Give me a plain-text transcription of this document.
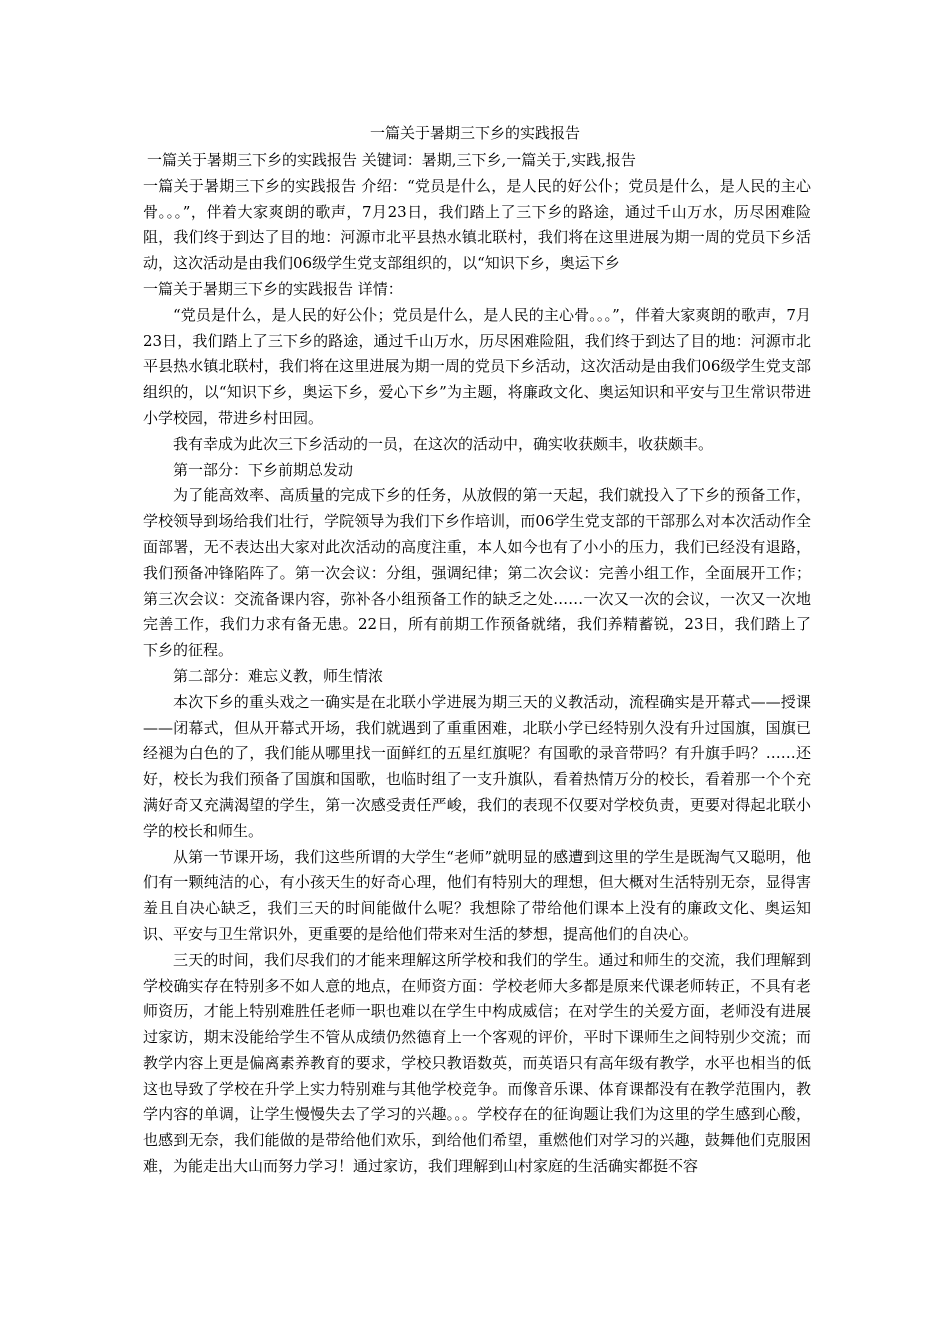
一篇关于暑期三下乡的实践报告

一篇关于暑期三下乡的实践报告 关键词：暑期,三下乡,一篇关于,实践,报告

一篇关于暑期三下乡的实践报告 介绍：“党员是什么，是人民的好公仆；党员是什么，是人民的主心骨。。。”，伴着大家爽朗的歌声，7月23日，我们踏上了三下乡的路途，通过千山万水，历尽困难险阻，我们终于到达了目的地：河源市北平县热水镇北联村，我们将在这里进展为期一周的党员下乡活动，这次活动是由我们06级学生党支部组织的，以“知识下乡，奥运下乡

一篇关于暑期三下乡的实践报告 详情：

“党员是什么，是人民的好公仆；党员是什么，是人民的主心骨。。。”，伴着大家爽朗的歌声，7月23日，我们踏上了三下乡的路途，通过千山万水，历尽困难险阻，我们终于到达了目的地：河源市北平县热水镇北联村，我们将在这里进展为期一周的党员下乡活动，这次活动是由我们06级学生党支部组织的，以“知识下乡，奥运下乡，爱心下乡”为主题，将廉政文化、奥运知识和平安与卫生常识带进小学校园，带进乡村田园。

我有幸成为此次三下乡活动的一员，在这次的活动中，确实收获颇丰，收获颇丰。

第一部分：下乡前期总发动

为了能高效率、高质量的完成下乡的任务，从放假的第一天起，我们就投入了下乡的预备工作，学校领导到场给我们壮行，学院领导为我们下乡作培训，而06学生党支部的干部那么对本次活动作全面部署，无不表达出大家对此次活动的高度注重，本人如今也有了小小的压力，我们已经没有退路，我们预备冲锋陷阵了。第一次会议：分组，强调纪律；第二次会议：完善小组工作，全面展开工作；第三次会议：交流备课内容，弥补各小组预备工作的缺乏之处……一次又一次的会议，一次又一次地完善工作，我们力求有备无患。22日，所有前期工作预备就绪，我们养精蓄锐，23日，我们踏上了下乡的征程。

第二部分：难忘义教，师生情浓

本次下乡的重头戏之一确实是在北联小学进展为期三天的义教活动，流程确实是开幕式——授课——闭幕式，但从开幕式开场，我们就遇到了重重困难，北联小学已经特别久没有升过国旗，国旗已经褪为白色的了，我们能从哪里找一面鲜红的五星红旗呢？有国歌的录音带吗？有升旗手吗？……还好，校长为我们预备了国旗和国歌，也临时组了一支升旗队，看着热情万分的校长，看着那一个个充满好奇又充满渴望的学生，第一次感受责任严峻，我们的表现不仅要对学校负责，更要对得起北联小学的校长和师生。

从第一节课开场，我们这些所谓的大学生“老师”就明显的感遭到这里的学生是既淘气又聪明，他们有一颗纯洁的心，有小孩天生的好奇心理，他们有特别大的理想，但大概对生活特别无奈，显得害羞且自决心缺乏，我们三天的时间能做什么呢？我想除了带给他们课本上没有的廉政文化、奥运知识、平安与卫生常识外，更重要的是给他们带来对生活的梦想，提高他们的自决心。

三天的时间，我们尽我们的才能来理解这所学校和我们的学生。通过和师生的交流，我们理解到学校确实存在特别多不如人意的地点，在师资方面：学校老师大多都是原来代课老师转正，不具有老师资历，才能上特别难胜任老师一职也难以在学生中构成威信；在对学生的关爱方面，老师没有进展过家访，期末没能给学生不管从成绩仍然德育上一个客观的评价，平时下课师生之间特别少交流；而教学内容上更是偏离素养教育的要求，学校只教语数英，而英语只有高年级有教学，水平也相当的低这也导致了学校在升学上实力特别难与其他学校竞争。而像音乐课、体育课都没有在教学范围内，教学内容的单调，让学生慢慢失去了学习的兴趣。。。学校存在的征询题让我们为这里的学生感到心酸，也感到无奈，我们能做的是带给他们欢乐，到给他们希望，重燃他们对学习的兴趣，鼓舞他们克服困难，为能走出大山而努力学习！通过家访，我们理解到山村家庭的生活确实都挺不容
